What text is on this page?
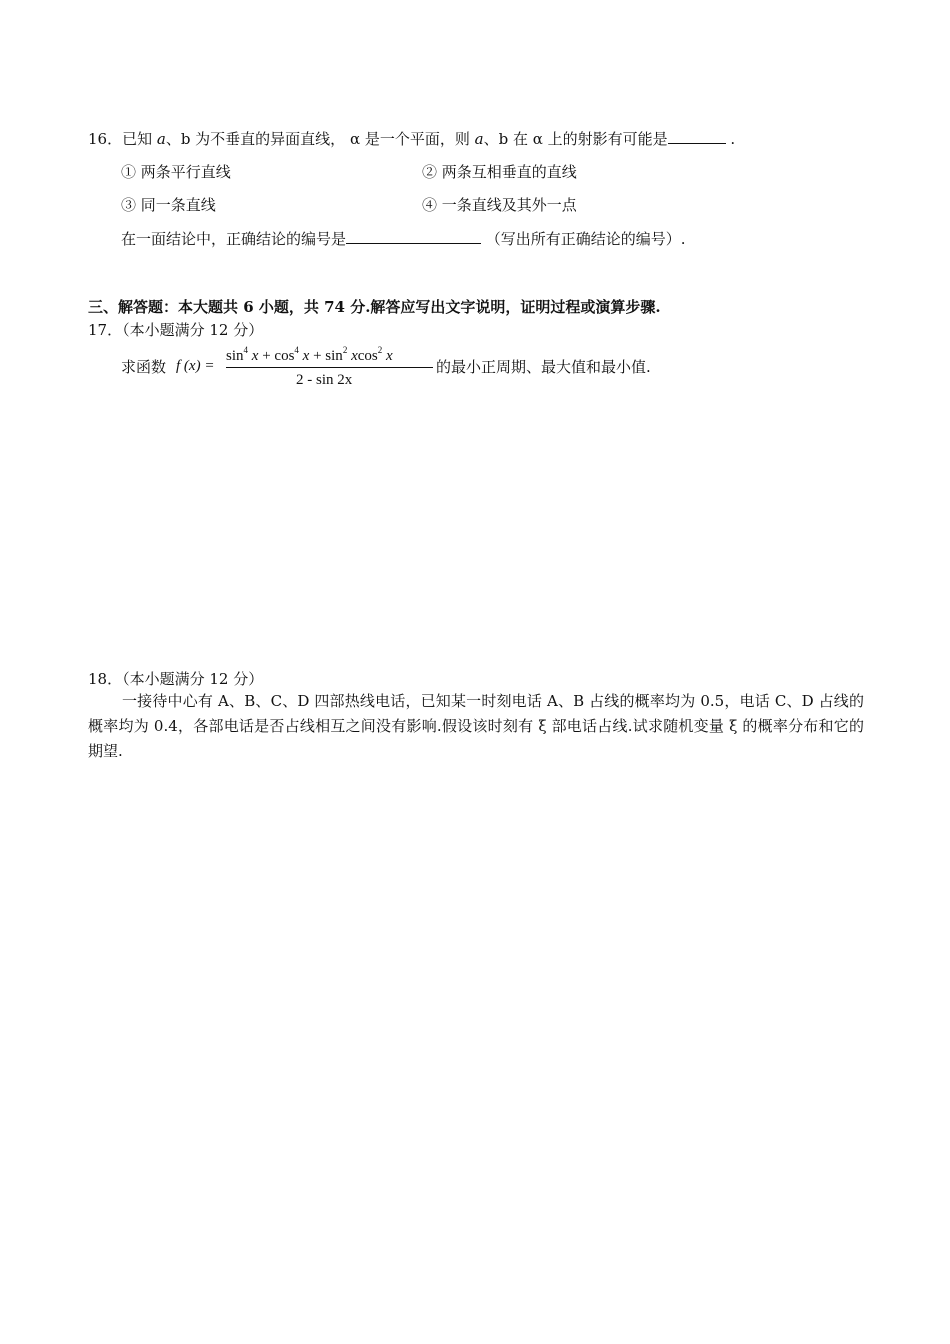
16．已知 a、b 为不垂直的异面直线， α 是一个平面，则 a、b 在 α 上的射影有可能是	.
① 两条平行直线	② 两条互相垂直的直线
③ 同一条直线	④ 一条直线及其外一点
在一面结论中，正确结论的编号是	（写出所有正确结论的编号）.
三、解答题：本大题共 6 小题，共 74 分.解答应写出文字说明，证明过程或演算步骤.
17．（本小题满分 12 分）
求函数 f (x) =
$\sin^4 x + \cos^4 x + \sin^2 xcos^2$ x
2 - sin 2x
的最小正周期、最大值和最小值.
18．（本小题满分 12 分）
一接待中心有 A、B、C、D 四部热线电话，已知某一时刻电话 A、B 占线的概率均为 0.5，电话 C、D 占线的概率均为 0.4，各部电话是否占线相互之间没有影响.假设该时刻有 ξ 部电话占线.试求随机变量 ξ 的概率分布和它的期望.
